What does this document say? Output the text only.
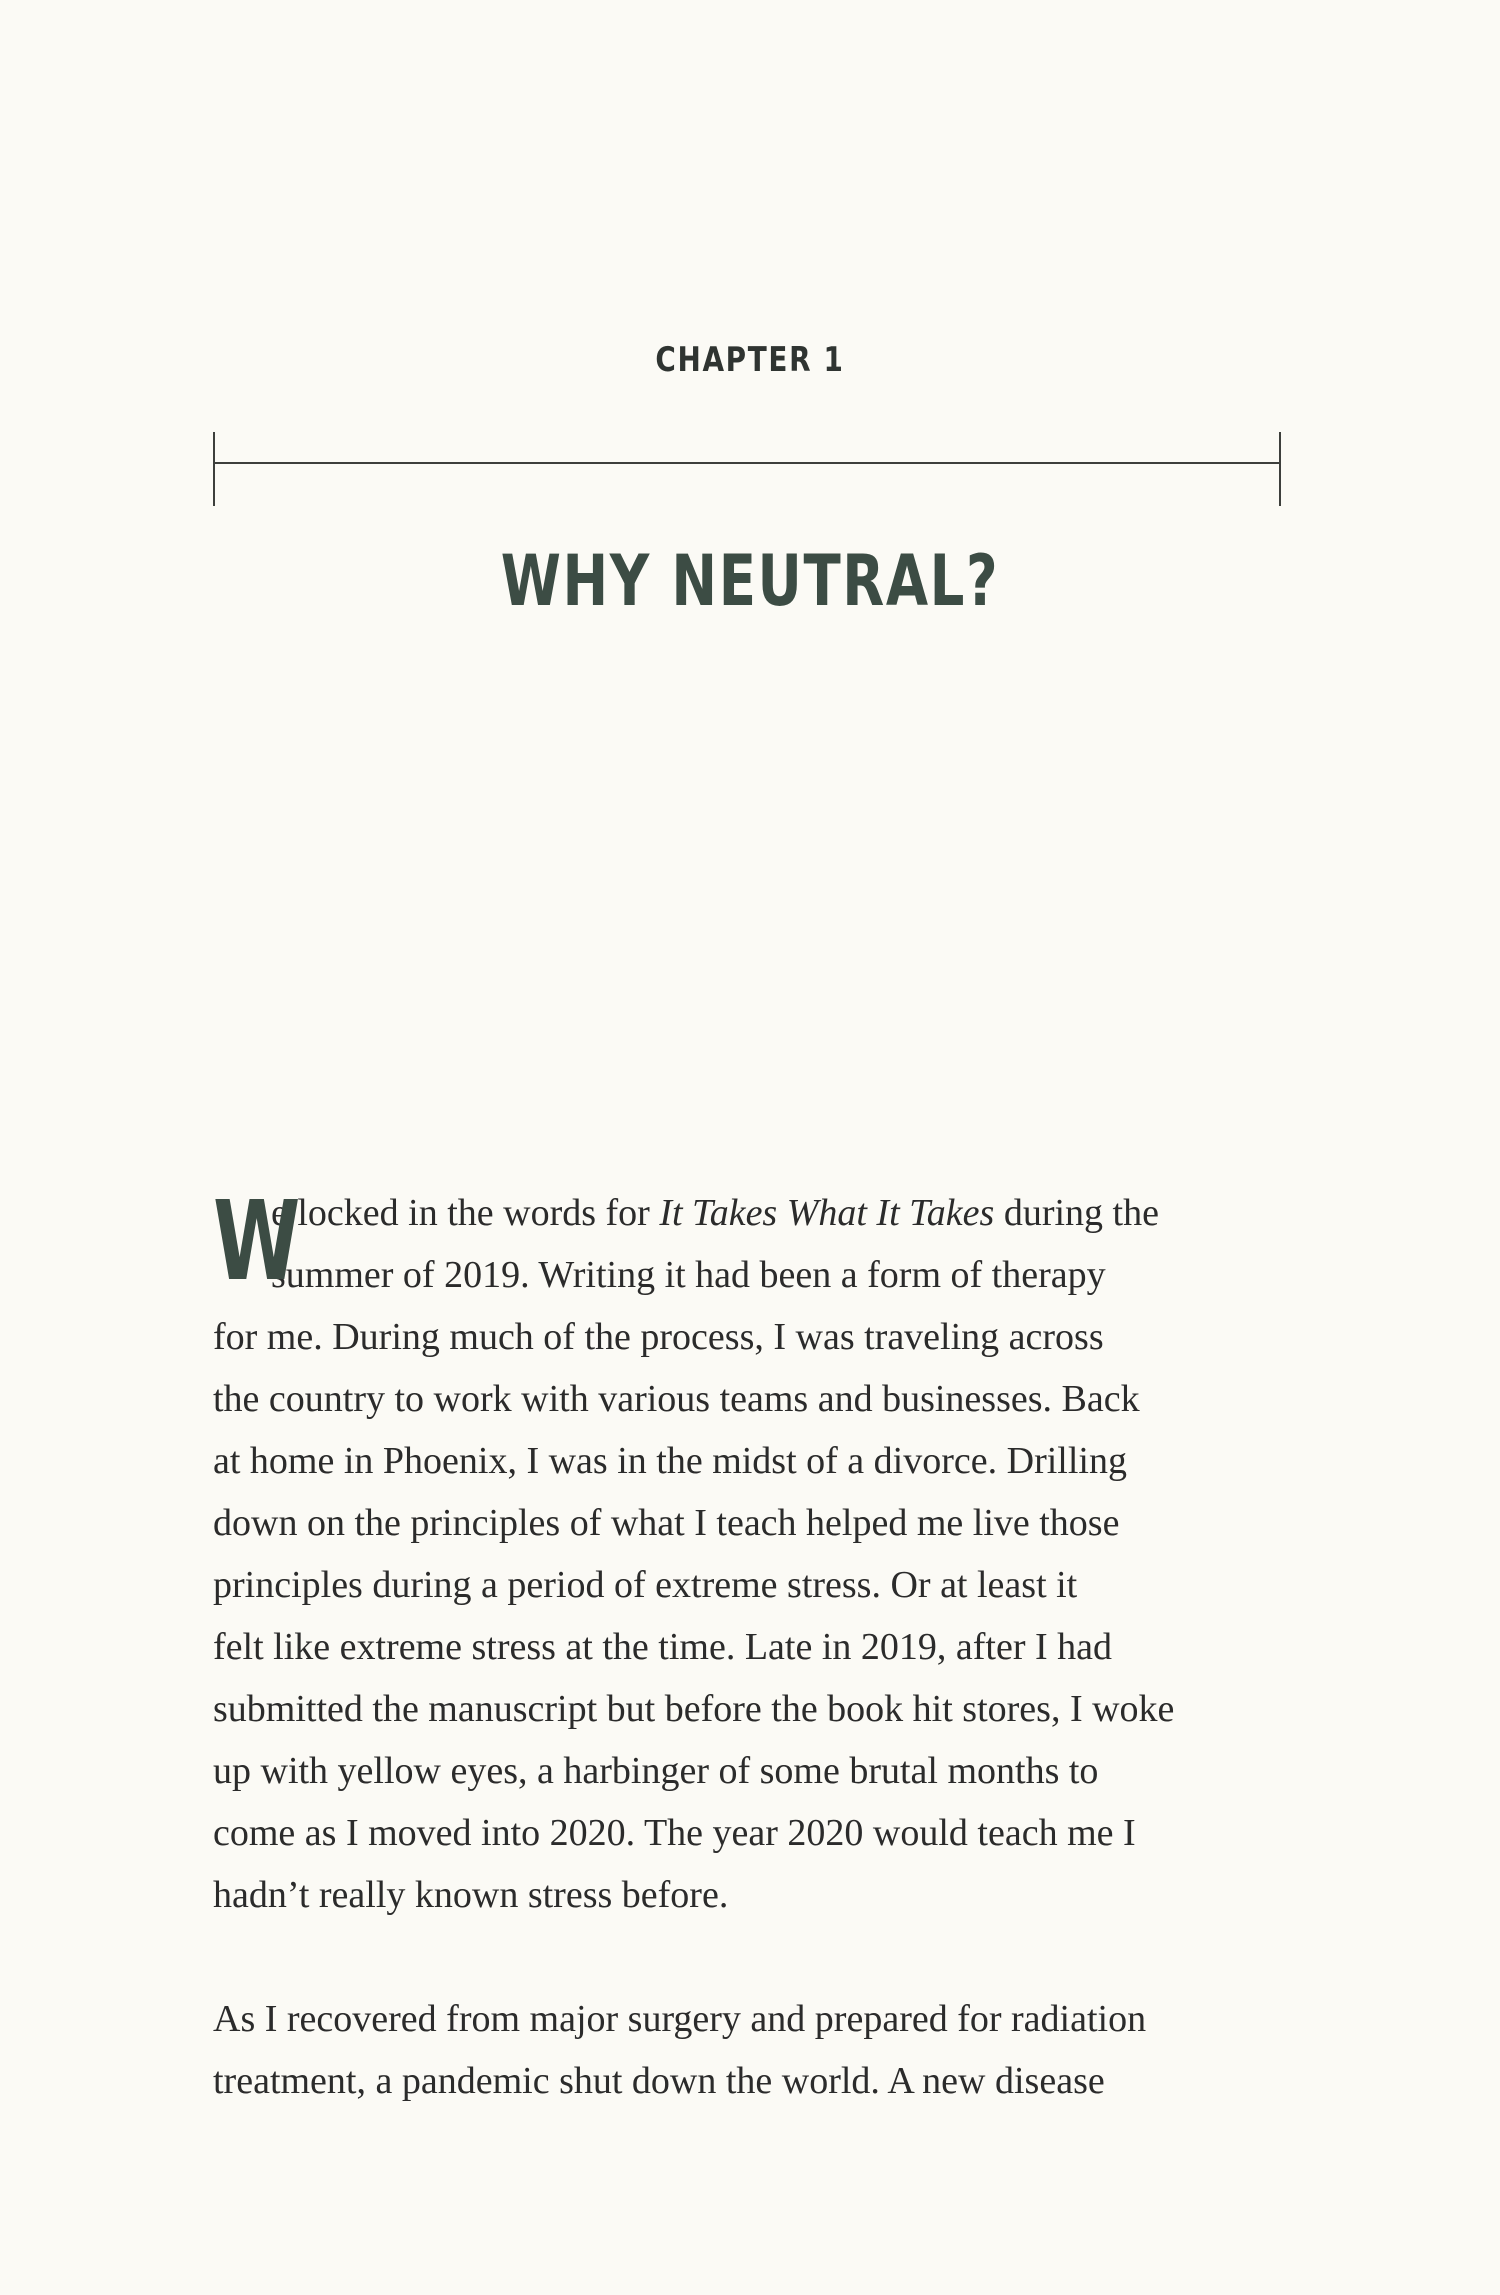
CHAPTER 1
WHY NEUTRAL?
W
e locked in the words for It Takes What It Takes during the
summer of 2019. Writing it had been a form of therapy
for me. During much of the process, I was traveling across
the country to work with various teams and businesses. Back
at home in Phoenix, I was in the midst of a divorce. Drilling
down on the principles of what I teach helped me live those
principles during a period of extreme stress. Or at least it
felt like extreme stress at the time. Late in 2019, after I had
submitted the manuscript but before the book hit stores, I woke
up with yellow eyes, a harbinger of some brutal months to
come as I moved into 2020. The year 2020 would teach me I
hadn’t really known stress before.
As I recovered from major surgery and prepared for radiation
treatment, a pandemic shut down the world. A new disease
